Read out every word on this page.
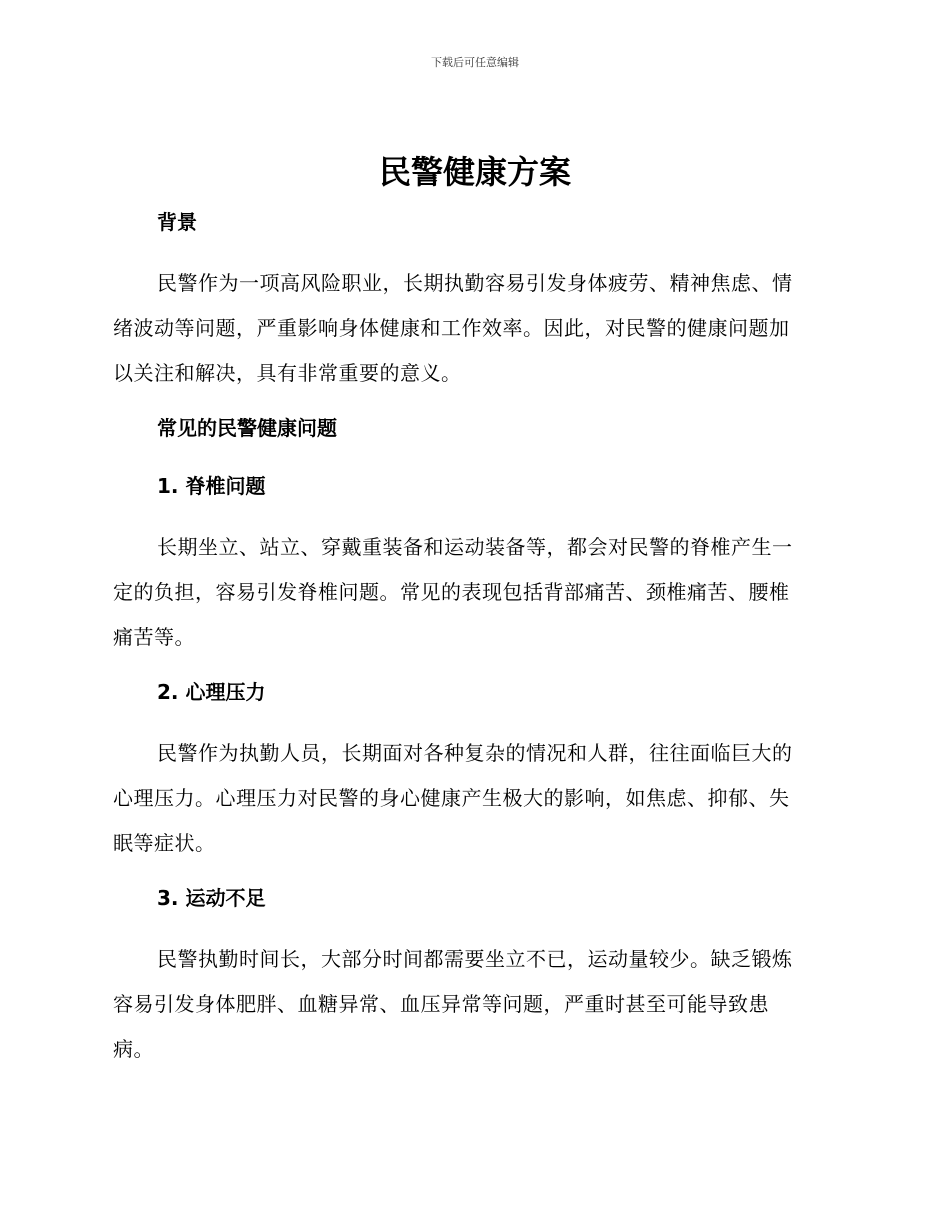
下载后可任意编辑
民警健康方案
背景

民警作为一项高风险职业，长期执勤容易引发身体疲劳、精神焦虑、情
绪波动等问题，严重影响身体健康和工作效率。因此，对民警的健康问题加
以关注和解决，具有非常重要的意义。

常见的民警健康问题
1. 脊椎问题

长期坐立、站立、穿戴重装备和运动装备等，都会对民警的脊椎产生一
定的负担，容易引发脊椎问题。常见的表现包括背部痛苦、颈椎痛苦、腰椎
痛苦等。

2. 心理压力

民警作为执勤人员，长期面对各种复杂的情况和人群，往往面临巨大的
心理压力。心理压力对民警的身心健康产生极大的影响，如焦虑、抑郁、失
眠等症状。

3. 运动不足

民警执勤时间长，大部分时间都需要坐立不已，运动量较少。缺乏锻炼
容易引发身体肥胖、血糖异常、血压异常等问题，严重时甚至可能导致患
病。
